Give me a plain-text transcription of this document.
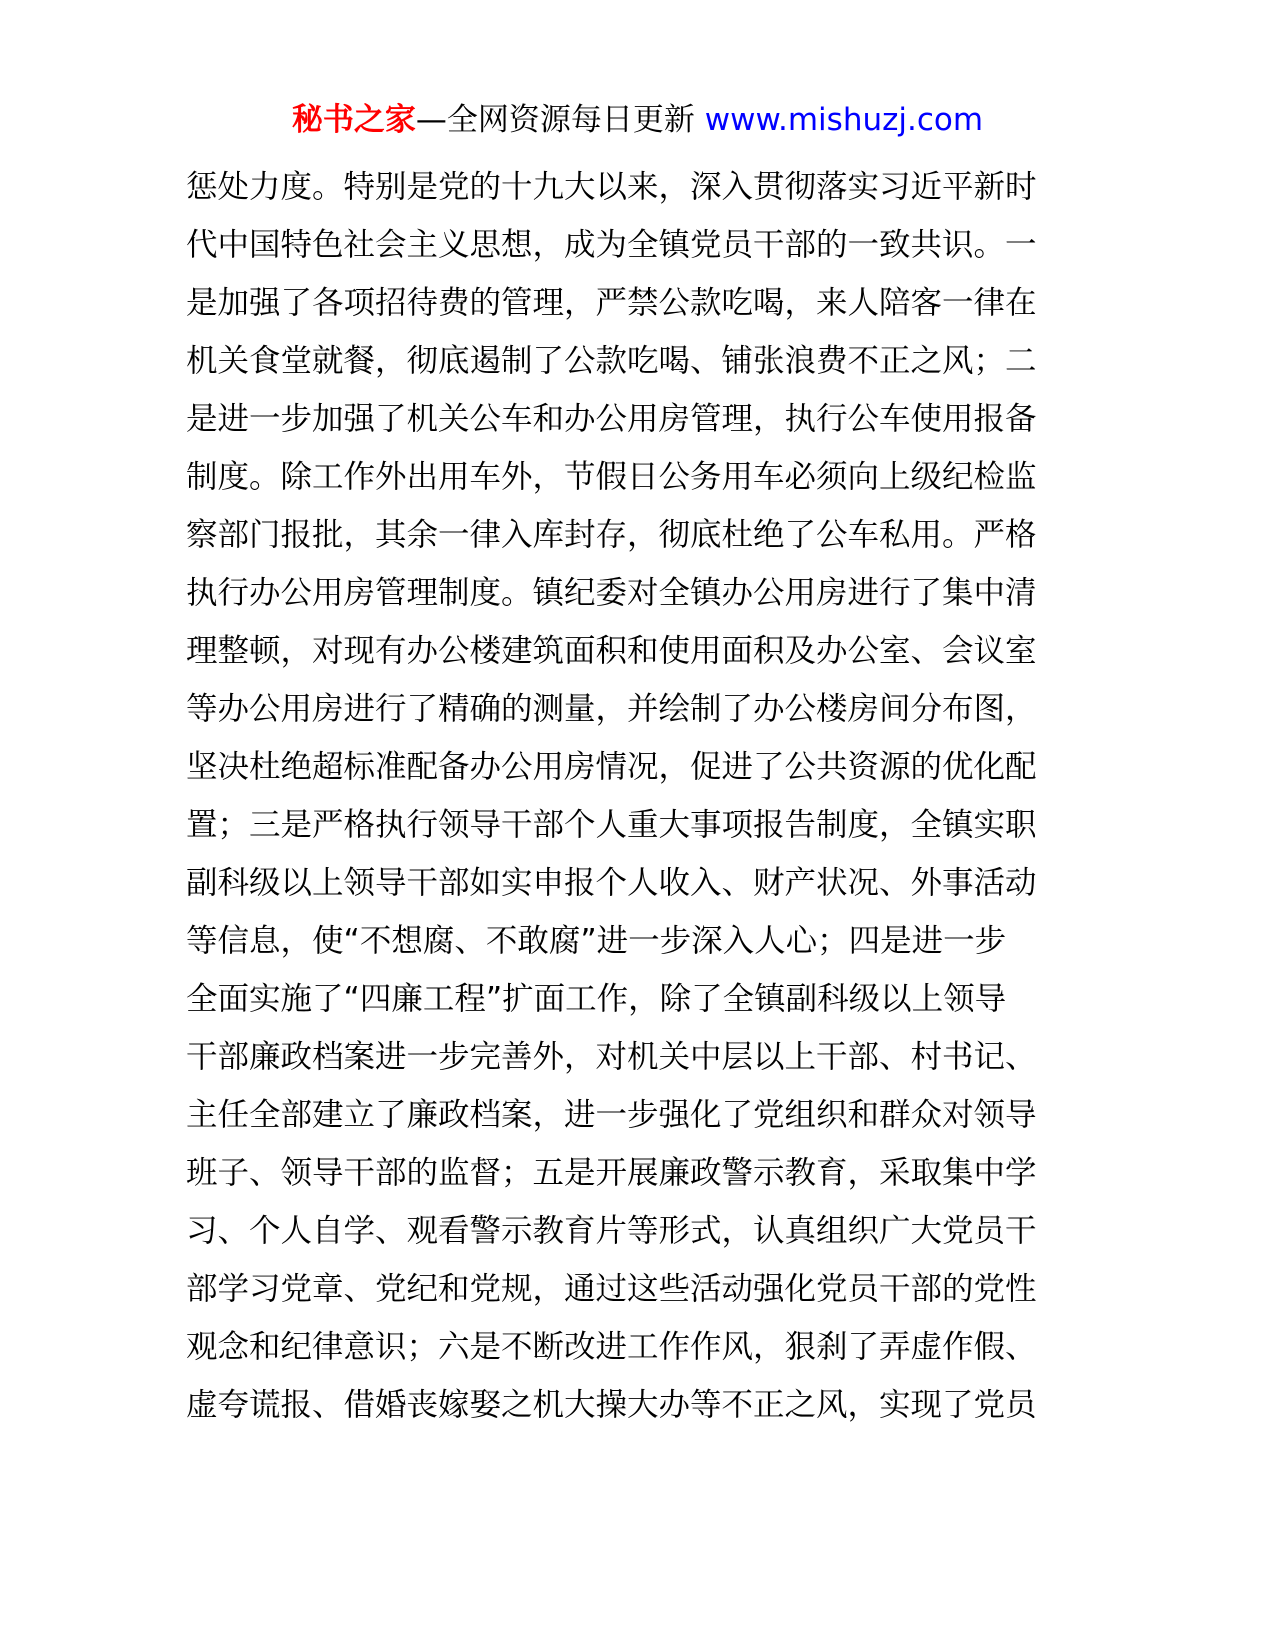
秘书之家—全网资源每日更新 www.mishuzj.com
惩处力度。特别是党的十九大以来，深入贯彻落实习近平新时
代中国特色社会主义思想，成为全镇党员干部的一致共识。一
是加强了各项招待费的管理，严禁公款吃喝，来人陪客一律在
机关食堂就餐，彻底遏制了公款吃喝、铺张浪费不正之风；二
是进一步加强了机关公车和办公用房管理，执行公车使用报备
制度。除工作外出用车外，节假日公务用车必须向上级纪检监
察部门报批，其余一律入库封存，彻底杜绝了公车私用。严格
执行办公用房管理制度。镇纪委对全镇办公用房进行了集中清
理整顿，对现有办公楼建筑面积和使用面积及办公室、会议室
等办公用房进行了精确的测量，并绘制了办公楼房间分布图，
坚决杜绝超标准配备办公用房情况，促进了公共资源的优化配
置；三是严格执行领导干部个人重大事项报告制度，全镇实职
副科级以上领导干部如实申报个人收入、财产状况、外事活动
等信息，使“不想腐、不敢腐”进一步深入人心；四是进一步
全面实施了“四廉工程”扩面工作，除了全镇副科级以上领导
干部廉政档案进一步完善外，对机关中层以上干部、村书记、
主任全部建立了廉政档案，进一步强化了党组织和群众对领导
班子、领导干部的监督；五是开展廉政警示教育，采取集中学
习、个人自学、观看警示教育片等形式，认真组织广大党员干
部学习党章、党纪和党规，通过这些活动强化党员干部的党性
观念和纪律意识；六是不断改进工作作风，狠刹了弄虚作假、
虚夸谎报、借婚丧嫁娶之机大操大办等不正之风，实现了党员
